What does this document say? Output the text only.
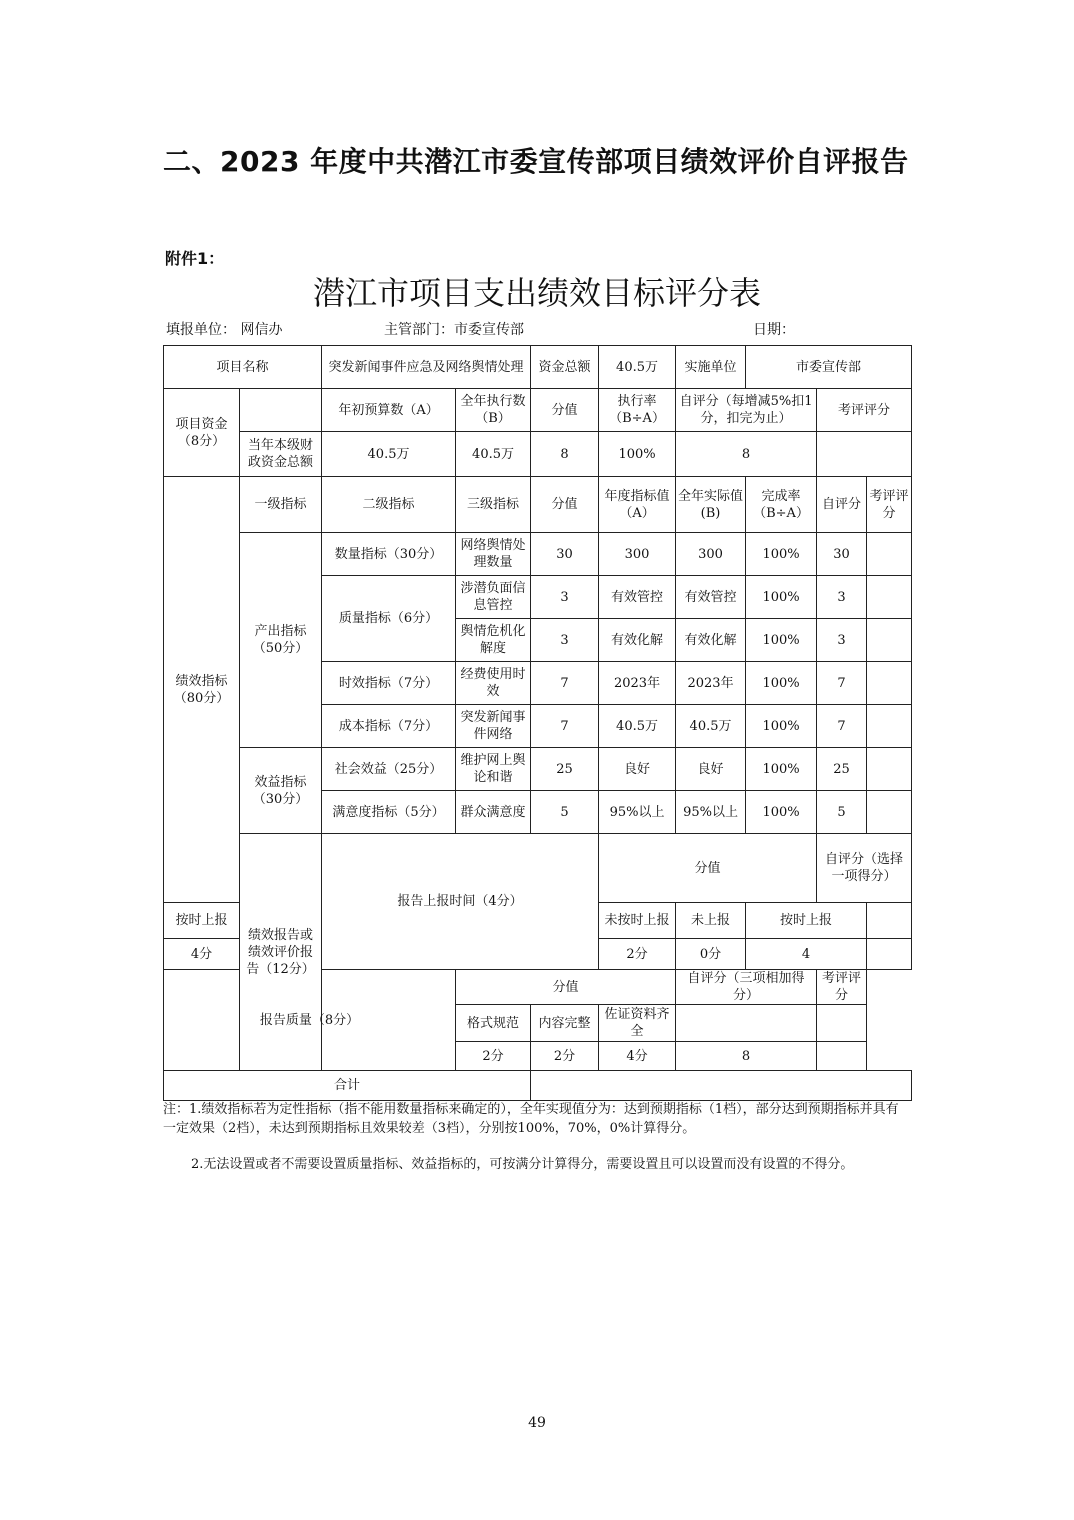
二、2023 年度中共潜江市委宣传部项目绩效评价自评报告
附件1：
潜江市项目支出绩效目标评分表
填报单位： 网信办	主管部门：市委宣传部	日期：
项目名称		突发新闻事件应急及网络舆情处理		资金总额	40.5万	实施单位	市委宣传部			
项目资金（8分）		年初预算数（A）	全年执行数（B）	分值	执行率（B÷A）	自评分（每增减5%扣1分，扣完为止）		考评评分		
	当年本级财政资金总额	40.5万	40.5万	8	100%	8				
绩效指标（80分）	一级指标	二级指标	三级指标	分值	年度指标值（A）	全年实际值(B)	完成率（B÷A）	自评分	考评评分	
	产出指标（50分）	数量指标（30分）	网络舆情处理数量	30	300	300	100%	30		
		质量指标（6分）	涉潜负面信息管控	3	有效管控	有效管控	100%	3		
			舆情危机化解度	3	有效化解	有效化解	100%	3		
		时效指标（7分）	经费使用时效	7	2023年	2023年	100%	7		
		成本指标（7分）	突发新闻事件网络	7	40.5万	40.5万	100%	7		
	效益指标（30分）	社会效益（25分）	维护网上舆论和谐	25	良好	良好	100%	25		
		满意度指标（5分）	群众满意度	5	95%以上	95%以上	100%	5		
	绩效报告或绩效评价报告（12分）	报告上报时间（4分）			分值			自评分（选择一项得分）	
按时上报					未按时上报	未上报	按时上报			
4分					2分	0分	4			
报告质量（8分）			分值			自评分（三项相加得分）		考评评分		
			格式规范	内容完整	佐证资料齐全					
			2分	2分	4分	8				
合计										
注：1.绩效指标若为定性指标（指不能用数量指标来确定的），全年实现值分为：达到预期指标（1档），部分达到预期指标并具有一定效果（2档），未达到预期指标且效果较差（3档），分别按100%，70%，0%计算得分。
2.无法设置或者不需要设置质量指标、效益指标的，可按满分计算得分，需要设置且可以设置而没有设置的不得分。
49
